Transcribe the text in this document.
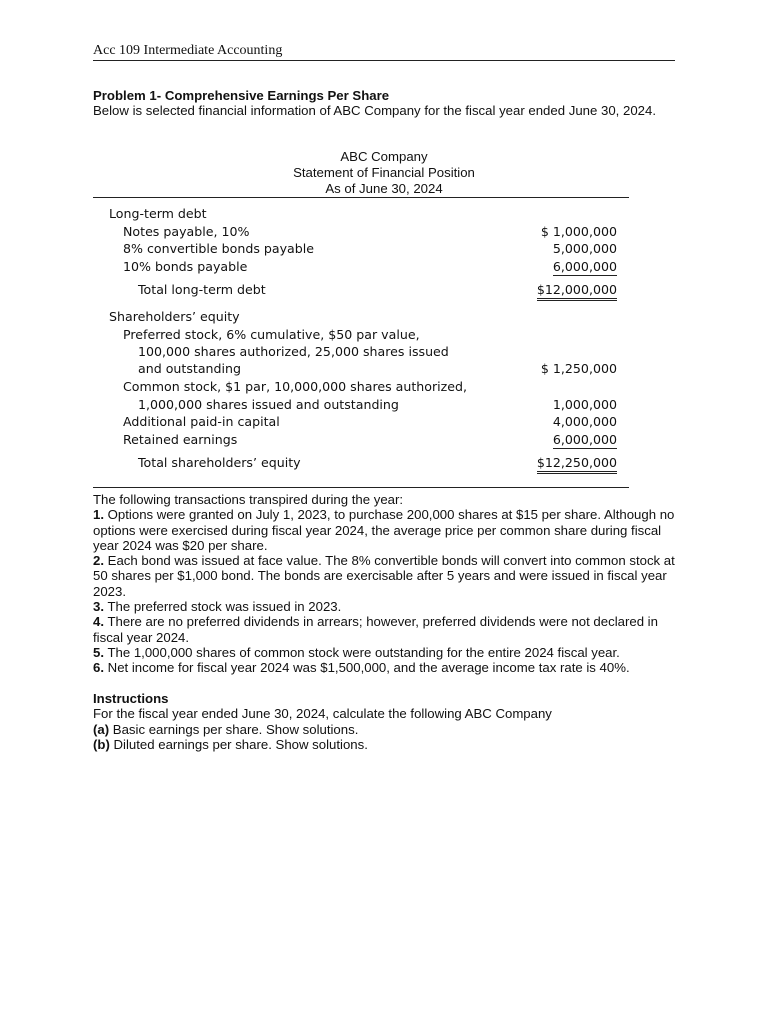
Acc 109 Intermediate Accounting
Problem 1- Comprehensive Earnings Per Share
Below is selected financial information of ABC Company for the fiscal year ended June 30, 2024.
ABC Company
Statement of Financial Position
As of June 30, 2024
Long-term debt
Notes payable, 10%	$ 1,000,000
8% convertible bonds payable	5,000,000
10% bonds payable	6,000,000
Total long-term debt	$12,000,000
Shareholders’ equity
Preferred stock, 6% cumulative, $50 par value,
100,000 shares authorized, 25,000 shares issued
and outstanding	$ 1,250,000
Common stock, $1 par, 10,000,000 shares authorized,
1,000,000 shares issued and outstanding	1,000,000
Additional paid-in capital	4,000,000
Retained earnings	6,000,000
Total shareholders’ equity	$12,250,000

The following transactions transpired during the year:

1. Options were granted on July 1, 2023, to purchase 200,000 shares at $15 per share. Although no options were exercised during fiscal year 2024, the average price per common share during fiscal year 2024 was $20 per share.

2. Each bond was issued at face value. The 8% convertible bonds will convert into common stock at 50 shares per $1,000 bond. The bonds are exercisable after 5 years and were issued in fiscal year 2023.

3. The preferred stock was issued in 2023.

4. There are no preferred dividends in arrears; however, preferred dividends were not declared in fiscal year 2024.

5. The 1,000,000 shares of common stock were outstanding for the entire 2024 fiscal year.

6. Net income for fiscal year 2024 was $1,500,000, and the average income tax rate is 40%.

Instructions

For the fiscal year ended June 30, 2024, calculate the following ABC Company

(a) Basic earnings per share. Show solutions.

(b) Diluted earnings per share. Show solutions.
